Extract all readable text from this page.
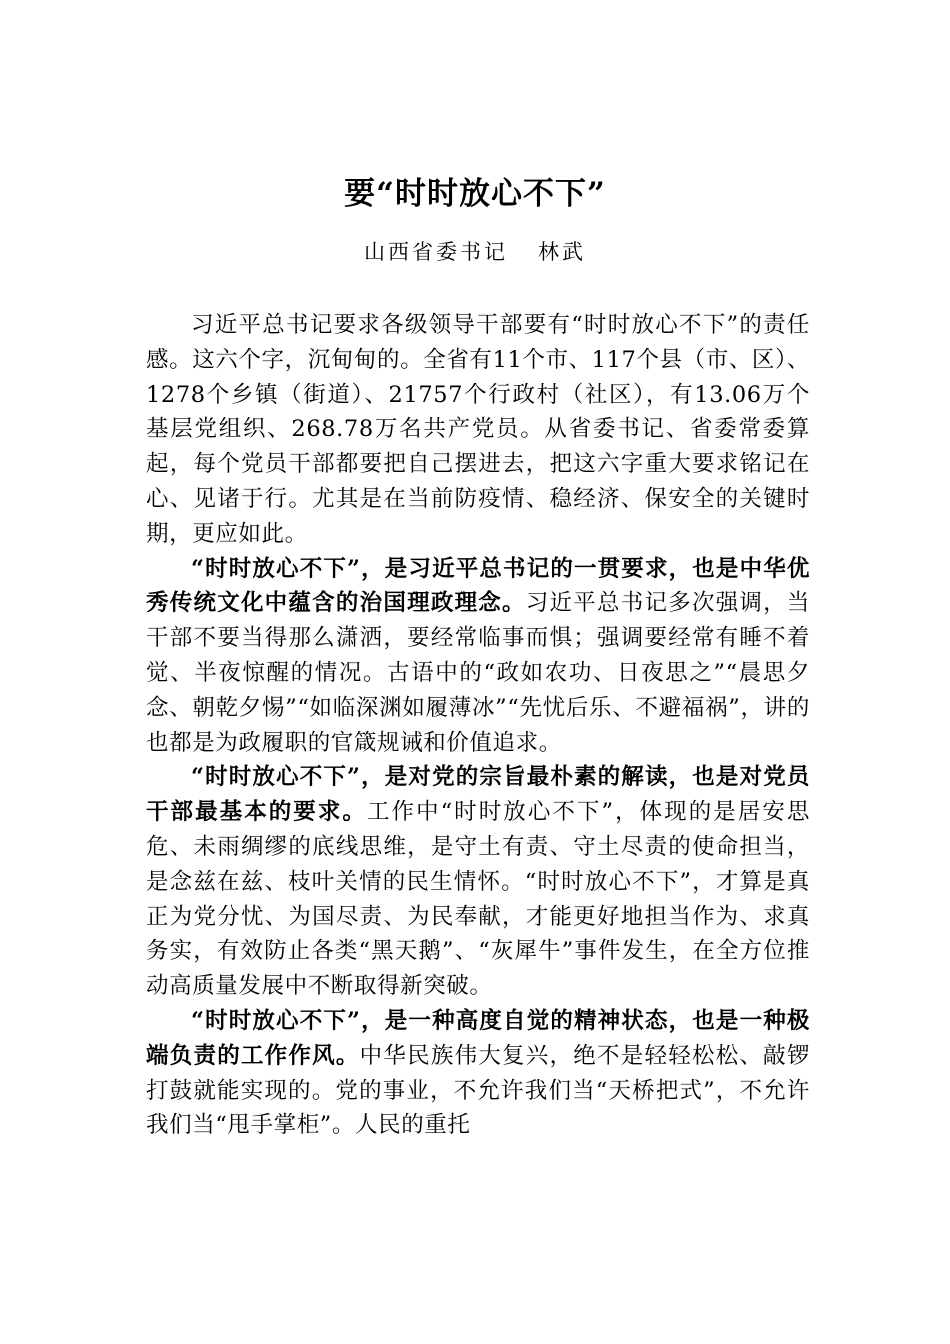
要“时时放心不下”
山西省委书记 林武

习近平总书记要求各级领导干部要有“时时放心不下”的责任感。这六个字，沉甸甸的。全省有11个市、117个县（市、区）、1278个乡镇（街道）、21757个行政村（社区），有13.06万个基层党组织、268.78万名共产党员。从省委书记、省委常委算起，每个党员干部都要把自己摆进去，把这六字重大要求铭记在心、见诸于行。尤其是在当前防疫情、稳经济、保安全的关键时期，更应如此。

“时时放心不下”，是习近平总书记的一贯要求，也是中华优秀传统文化中蕴含的治国理政理念。习近平总书记多次强调，当干部不要当得那么潇洒，要经常临事而惧；强调要经常有睡不着觉、半夜惊醒的情况。古语中的“政如农功、日夜思之”“晨思夕念、朝乾夕惕”“如临深渊如履薄冰”“先忧后乐、不避福祸”，讲的也都是为政履职的官箴规诫和价值追求。

“时时放心不下”，是对党的宗旨最朴素的解读，也是对党员干部最基本的要求。工作中“时时放心不下”，体现的是居安思危、未雨绸缪的底线思维，是守土有责、守土尽责的使命担当，是念兹在兹、枝叶关情的民生情怀。“时时放心不下”，才算是真正为党分忧、为国尽责、为民奉献，才能更好地担当作为、求真务实，有效防止各类“黑天鹅”、“灰犀牛”事件发生，在全方位推动高质量发展中不断取得新突破。

“时时放心不下”，是一种高度自觉的精神状态，也是一种极端负责的工作作风。中华民族伟大复兴，绝不是轻轻松松、敲锣打鼓就能实现的。党的事业，不允许我们当“天桥把式”，不允许我们当“甩手掌柜”。人民的重托
